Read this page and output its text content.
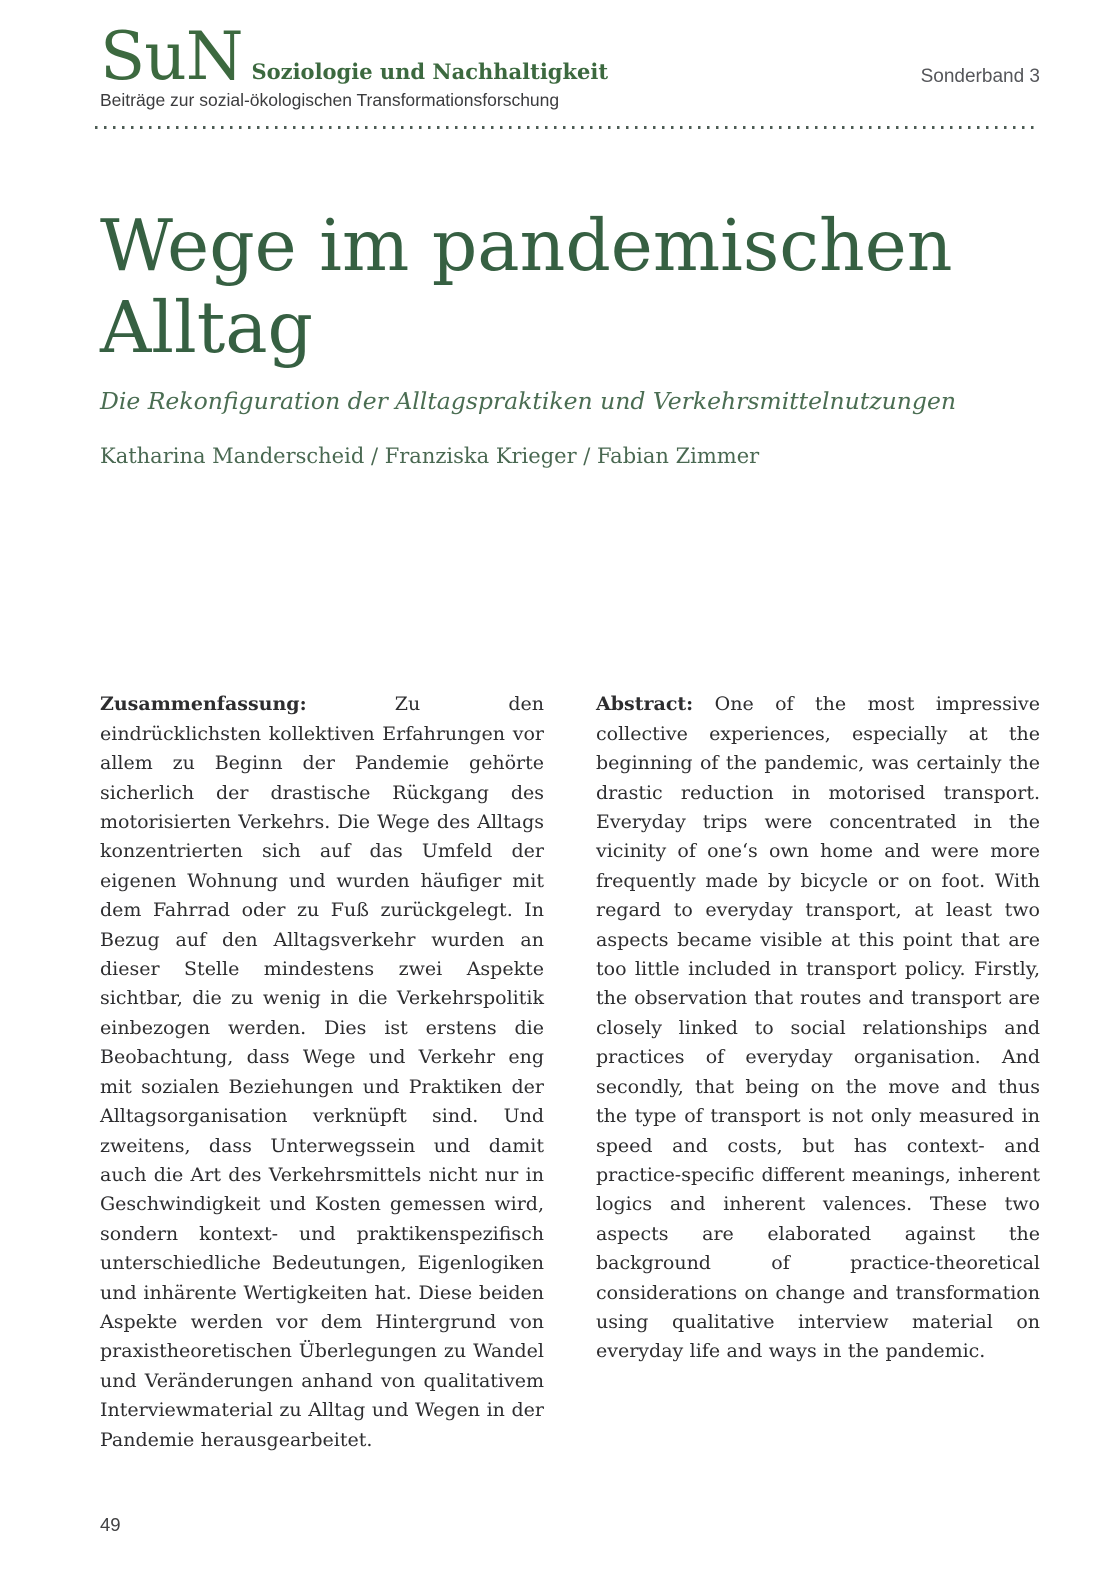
SuN Soziologie und Nachhaltigkeit
Beiträge zur sozial-ökologischen Transformationsforschung
Sonderband 3
Wege im pandemischen Alltag
Die Rekonfiguration der Alltagspraktiken und Verkehrsmittelnutzungen
Katharina Manderscheid / Franziska Krieger / Fabian Zimmer

Zusammenfassung:	Zu den eindrücklichsten kollektiven Erfahrungen vor allem zu Beginn der Pandemie gehörte sicherlich der drastische Rückgang des motorisierten Verkehrs. Die Wege des Alltags konzentrierten sich auf das Umfeld der eigenen Wohnung und wurden häufiger mit dem Fahrrad oder zu Fuß zurückgelegt. In Bezug auf den Alltagsverkehr wurden an dieser Stelle mindestens zwei Aspekte sichtbar, die zu wenig in die Verkehrspolitik einbezogen werden. Dies ist erstens die Beobachtung, dass Wege und Verkehr eng mit sozialen Beziehungen und Praktiken der Alltagsorganisation verknüpft sind. Und zweitens, dass Unterwegssein und damit auch die Art des Verkehrsmittels nicht nur in Geschwindigkeit und Kosten gemessen wird, sondern kontext- und praktikenspezifisch unterschiedliche Bedeutungen, Eigenlogiken und inhärente Wertigkeiten hat. Diese beiden Aspekte werden vor dem Hintergrund von praxistheoretischen Überlegungen zu Wandel und Veränderungen anhand von qualitativem Interviewmaterial zu Alltag und Wegen in der Pandemie herausgearbeitet.

Abstract: One of the most impressive collective experiences, especially at the beginning of the pandemic, was certainly the drastic reduction in motorised transport. Everyday trips were concentrated in the vicinity of one‘s own home and were more frequently made by bicycle or on foot. With regard to everyday transport, at least two aspects became visible at this point that are too little included in transport policy. Firstly, the observation that routes and transport are closely linked to social relationships and practices of everyday organisation. And secondly, that being on the move and thus the type of transport is not only measured in speed and costs, but has context- and practice-specific different meanings, inherent logics and inherent valences. These two aspects are elaborated against the background of practice-theoretical considerations on change and transformation using qualitative interview material on everyday life and ways in the pandemic.

49
